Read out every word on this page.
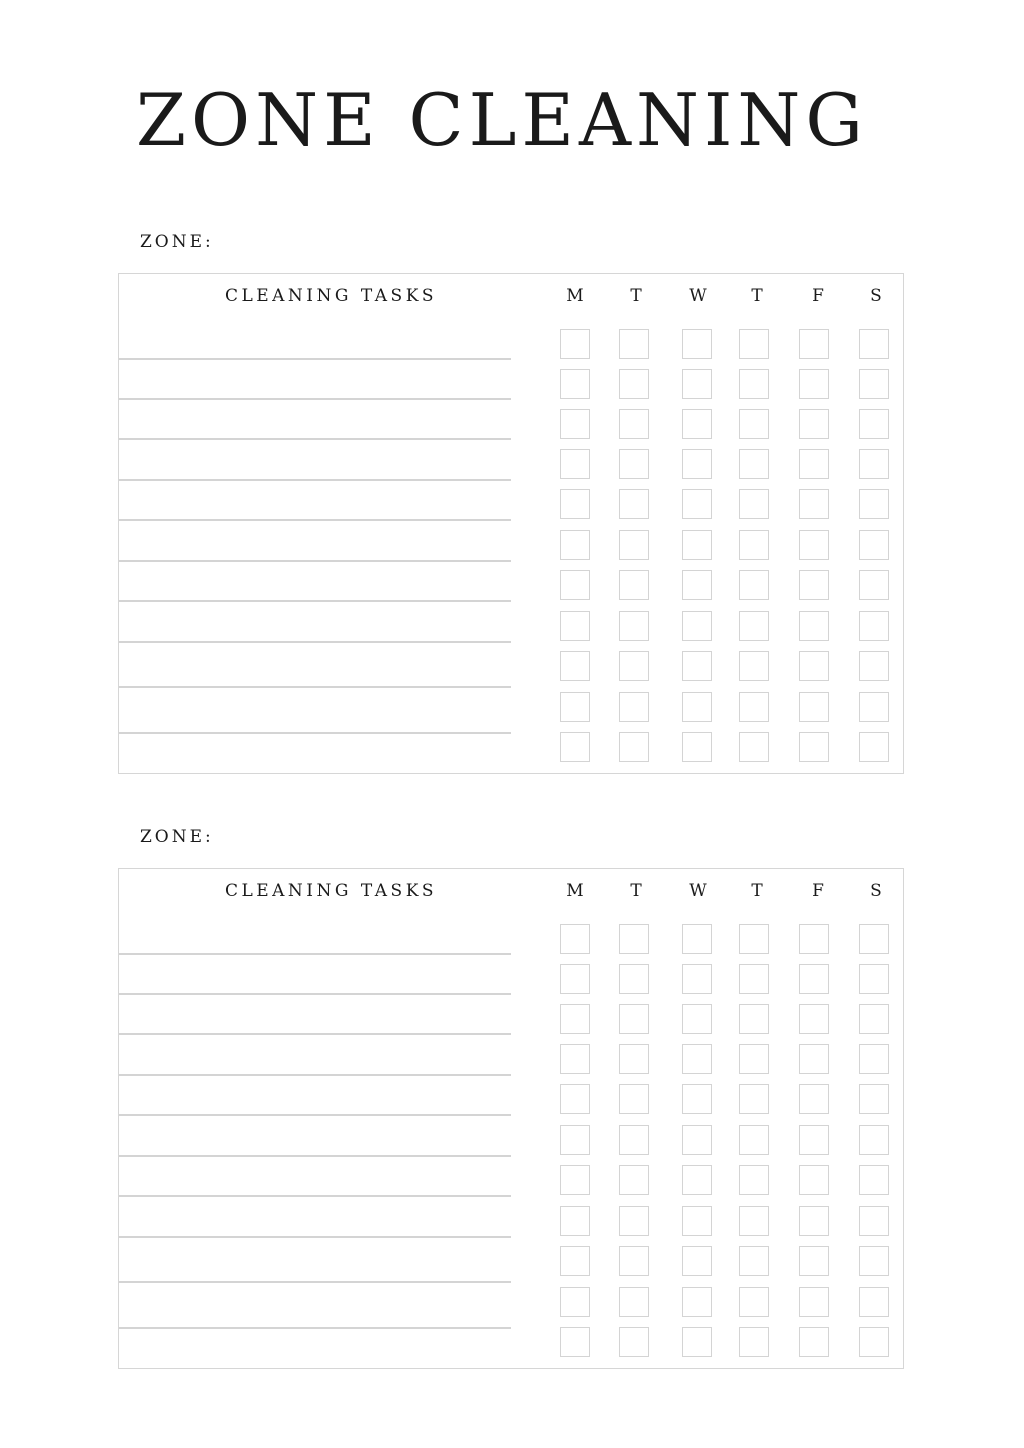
ZONE CLEANING
ZONE:
CLEANING TASKS	M	T	W	T	F	S
ZONE:
CLEANING TASKS	M	T	W	T	F	S
